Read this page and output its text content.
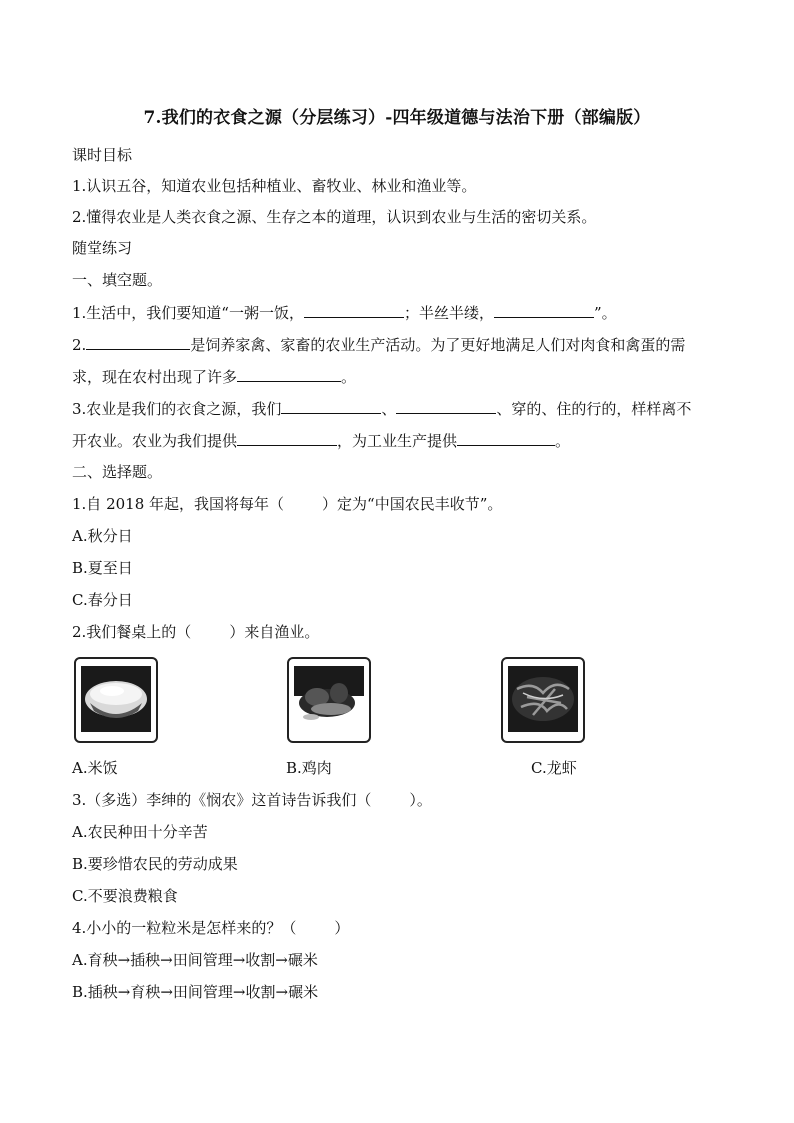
7.我们的衣食之源（分层练习）-四年级道德与法治下册（部编版）
课时目标
1.认识五谷，知道农业包括种植业、畜牧业、林业和渔业等。
2.懂得农业是人类衣食之源、生存之本的道理，认识到农业与生活的密切关系。
随堂练习
一、填空题。
1.生活中，我们要知道“一粥一饭，	；半丝半缕，	”。
2.	是饲养家禽、家畜的农业生产活动。为了更好地满足人们对肉食和禽蛋的需
求，现在农村出现了许多	。
3.农业是我们的衣食之源，我们	、	、穿的、住的行的，样样离不
开农业。农业为我们提供	，为工业生产提供	。
二、选择题。
1.自 2018 年起，我国将每年（	）定为“中国农民丰收节”。
A.秋分日
B.夏至日
C.春分日
2.我们餐桌上的（	）来自渔业。
A.米饭	B.鸡肉	C.龙虾
3.（多选）李绅的《悯农》这首诗告诉我们（	）。
A.农民种田十分辛苦
B.要珍惜农民的劳动成果
C.不要浪费粮食
4.小小的一粒粒米是怎样来的？（	）
A.育秧→插秧→田间管理→收割→碾米
B.插秧→育秧→田间管理→收割→碾米
